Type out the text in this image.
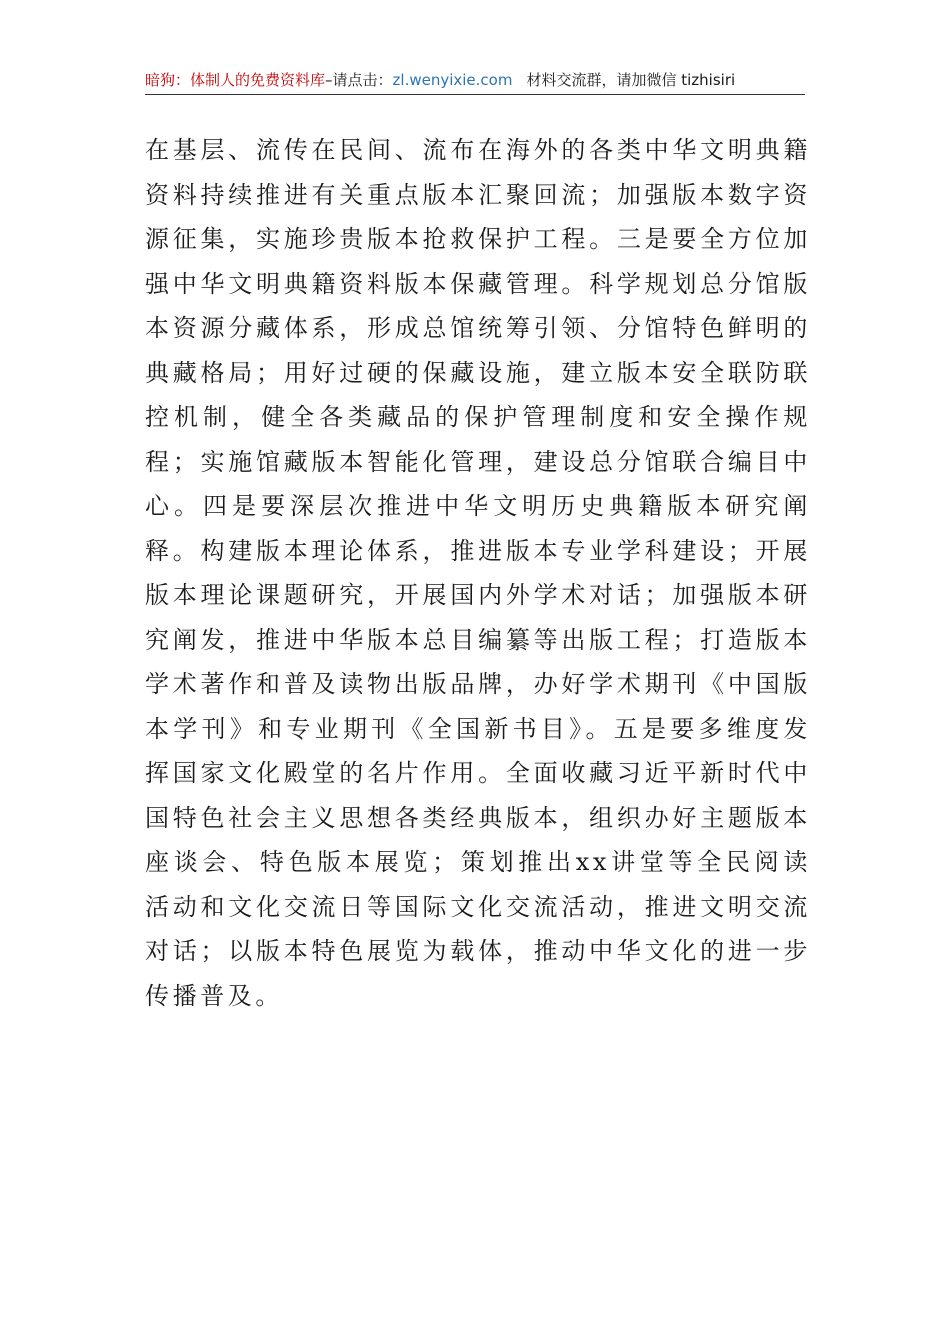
暗狗：体制人的免费资料库–请点击：zl.wenyixie.com 材料交流群，请加微信 tizhisiri

在基层、流传在民间、流布在海外的各类中华文明典籍资料持续推进有关重点版本汇聚回流；加强版本数字资源征集，实施珍贵版本抢救保护工程。三是要全方位加强中华文明典籍资料版本保藏管理。科学规划总分馆版本资源分藏体系，形成总馆统筹引领、分馆特色鲜明的典藏格局；用好过硬的保藏设施，建立版本安全联防联控机制，健全各类藏品的保护管理制度和安全操作规程；实施馆藏版本智能化管理，建设总分馆联合编目中心。四是要深层次推进中华文明历史典籍版本研究阐释。构建版本理论体系，推进版本专业学科建设；开展版本理论课题研究，开展国内外学术对话；加强版本研究阐发，推进中华版本总目编纂等出版工程；打造版本学术著作和普及读物出版品牌，办好学术期刊《中国版本学刊》和专业期刊《全国新书目》。五是要多维度发挥国家文化殿堂的名片作用。全面收藏习近平新时代中国特色社会主义思想各类经典版本，组织办好主题版本座谈会、特色版本展览；策划推出xx讲堂等全民阅读活动和文化交流日等国际文化交流活动，推进文明交流对话；以版本特色展览为载体，推动中华文化的进一步传播普及。
